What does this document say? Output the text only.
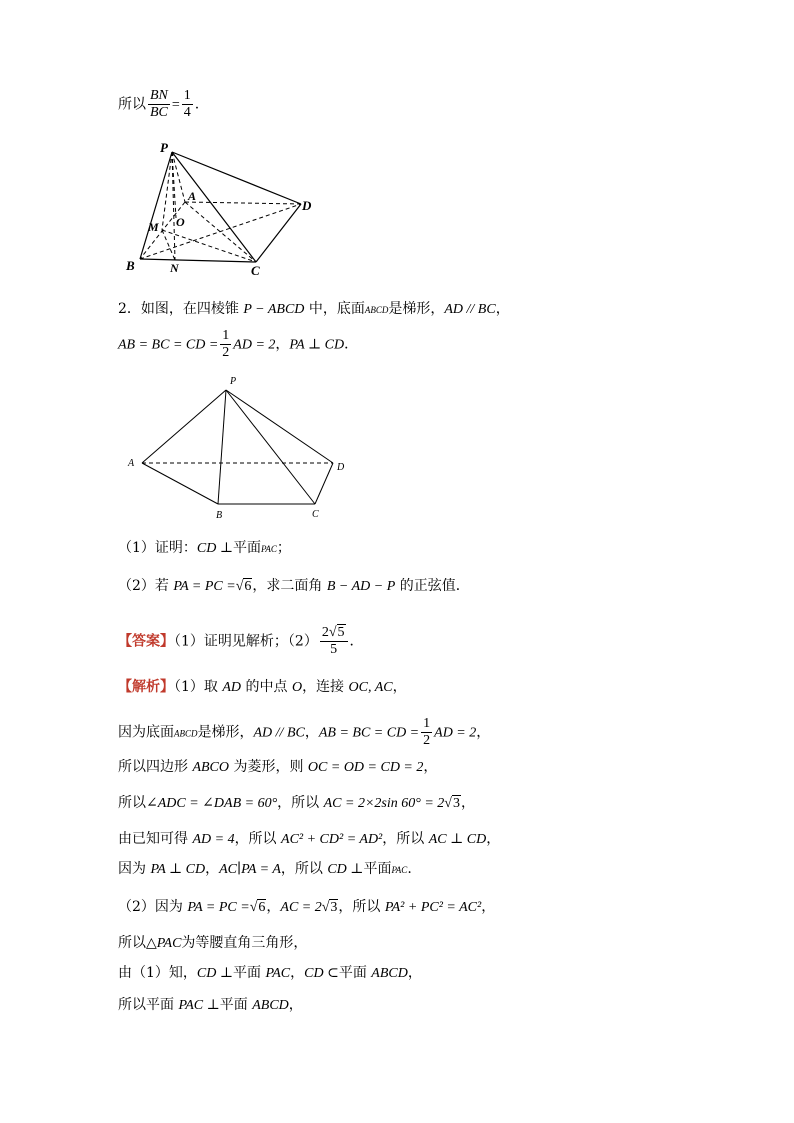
所以 $\frac{BN}{BC} = \frac{1}{4}$ .
P
A
O
D
M
B	N	C
2．如图，在四棱锥 P − ABCD 中，底面ABCD是梯形，AD // BC，
AB = BC = CD = $\frac{1}{2}$ AD = 2，PA ⊥ CD．
P
A	D
B	C
（1）证明：CD ⊥平面PAC；
（2）若 PA = PC =√6，求二面角 B − AD − P 的正弦值．
【答案】（1）证明见解析；$(2) \frac{2√5}{5}$ ．
【解析】（1）取 AD 的中点 O，连接 OC, AC，
因为底面ABCD是梯形，AD // BC，AB = BC = CD = $\frac{1}{2}$ AD = 2，
所以四边形 ABCO 为菱形，则 OC = OD = CD = 2，
所以∠ADC = ∠DAB = 60°，所以 AC = 2×2sin 60° = 2√3，
由已知可得 AD = 4，所以 AC² + CD² = AD²，所以 AC ⊥ CD，
因为 PA ⊥ CD，AC∣PA = A，所以 CD ⊥平面PAC.
（2）因为 PA = PC =√6，AC = 2√3，所以 PA² + PC² = AC²，
所以△PAC为等腰直角三角形，
由（1）知，CD ⊥平面 PAC，CD ⊂平面 ABCD，
所以平面 PAC ⊥平面 ABCD，
